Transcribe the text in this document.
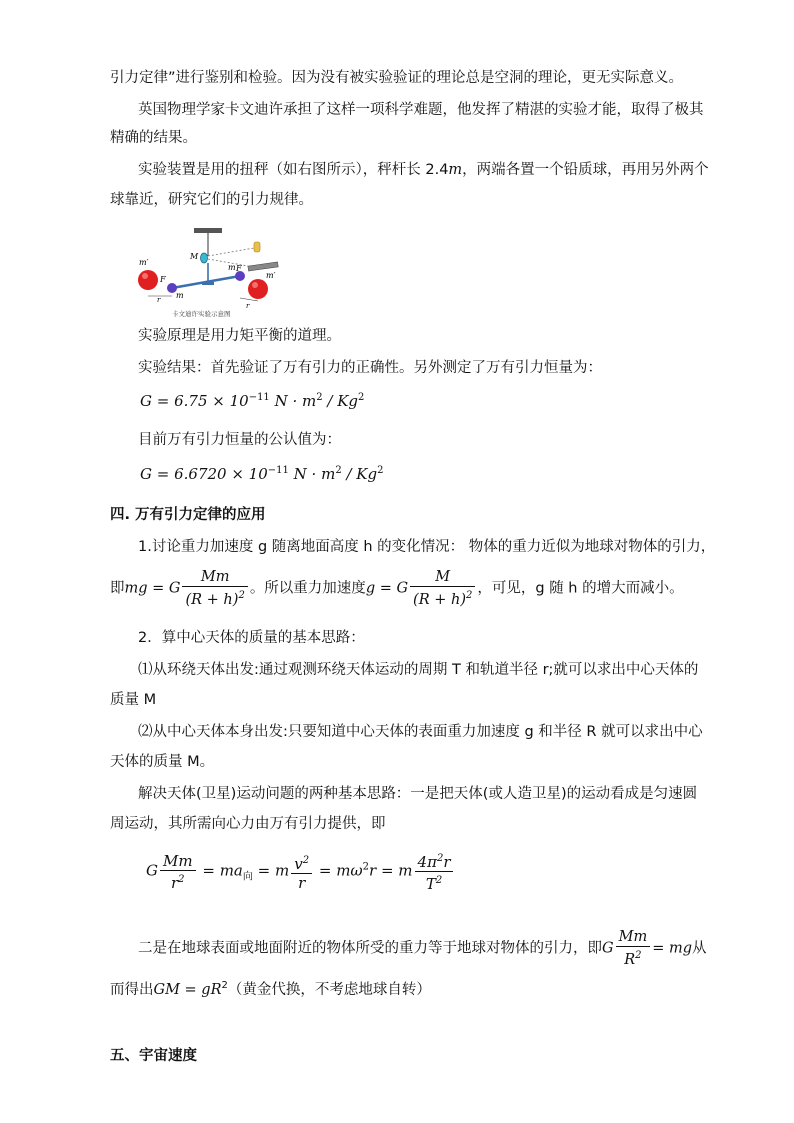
引力定律”进行鉴别和检验。因为没有被实验验证的理论总是空洞的理论，更无实际意义。
英国物理学家卡文迪许承担了这样一项科学难题，他发挥了精湛的实验才能，取得了极其
精确的结果。
实验装置是用的扭秤（如右图所示），秤杆长 2.4m，两端各置一个铅质球，再用另外两个
球靠近，研究它们的引力规律。
M
m′
m′
F
F
m
m
r
r
卡文迪许实验示意图
实验原理是用力矩平衡的道理。
实验结果：首先验证了万有引力的正确性。另外测定了万有引力恒量为：
$G = 6.75 \times 10^{-11}$ $N \cdot m^2 / Kg^2$
目前万有引力恒量的公认值为：
$G = 6.6720 \times 10^{-11}$ $N \cdot m^2 / Kg^2$
四. 万有引力定律的应用
1.讨论重力加速度 g 随离地面高度 h 的变化情况： 物体的重力近似为地球对物体的引力，
即mg = G $\frac{Mm}{(R + h)^2}$ 。所以重力加速度g = G $\frac{M}{(R + h)^2}$ ，可见，g 随 h 的增大而减小。
2．算中心天体的质量的基本思路：
⑴从环绕天体出发:通过观测环绕天体运动的周期 T 和轨道半径 r;就可以求出中心天体的
质量 M
⑵从中心天体本身出发:只要知道中心天体的表面重力加速度 g 和半径 R 就可以求出中心
天体的质量 M。
解决天体(卫星)运动问题的两种基本思路：一是把天体(或人造卫星)的运动看成是匀速圆
周运动，其所需向心力由万有引力提供，即
G $\frac{Mm}{r^2} = ma_向 = m \frac{v^2}{r} = m\omega^2r = m \frac{4\pi^2r}{T^2}$
二是在地球表面或地面附近的物体所受的重力等于地球对物体的引力，即G $\frac{Mm}{R^2}$ = mg从
而得出GM = $gR^2$（黄金代换，不考虑地球自转）
五、宇宙速度
